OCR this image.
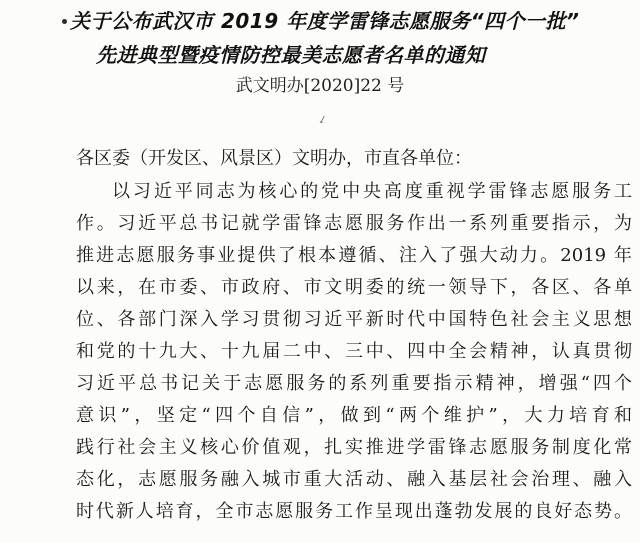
关于公布武汉市 2019 年度学雷锋志愿服务“四个一批”
先进典型暨疫情防控最美志愿者名单的通知
武文明办[2020]22 号
↙
各区委（开发区、风景区）文明办，市直各单位：
以习近平同志为核心的党中央高度重视学雷锋志愿服务工
作。习近平总书记就学雷锋志愿服务作出一系列重要指示，为
推进志愿服务事业提供了根本遵循、注入了强大动力。2019 年
以来，在市委、市政府、市文明委的统一领导下，各区、各单
位、各部门深入学习贯彻习近平新时代中国特色社会主义思想
和党的十九大、十九届二中、三中、四中全会精神，认真贯彻
习近平总书记关于志愿服务的系列重要指示精神，增强“四个
意识”，坚定“四个自信”，做到“两个维护”，大力培育和
践行社会主义核心价值观，扎实推进学雷锋志愿服务制度化常
态化，志愿服务融入城市重大活动、融入基层社会治理、融入
时代新人培育，全市志愿服务工作呈现出蓬勃发展的良好态势。
